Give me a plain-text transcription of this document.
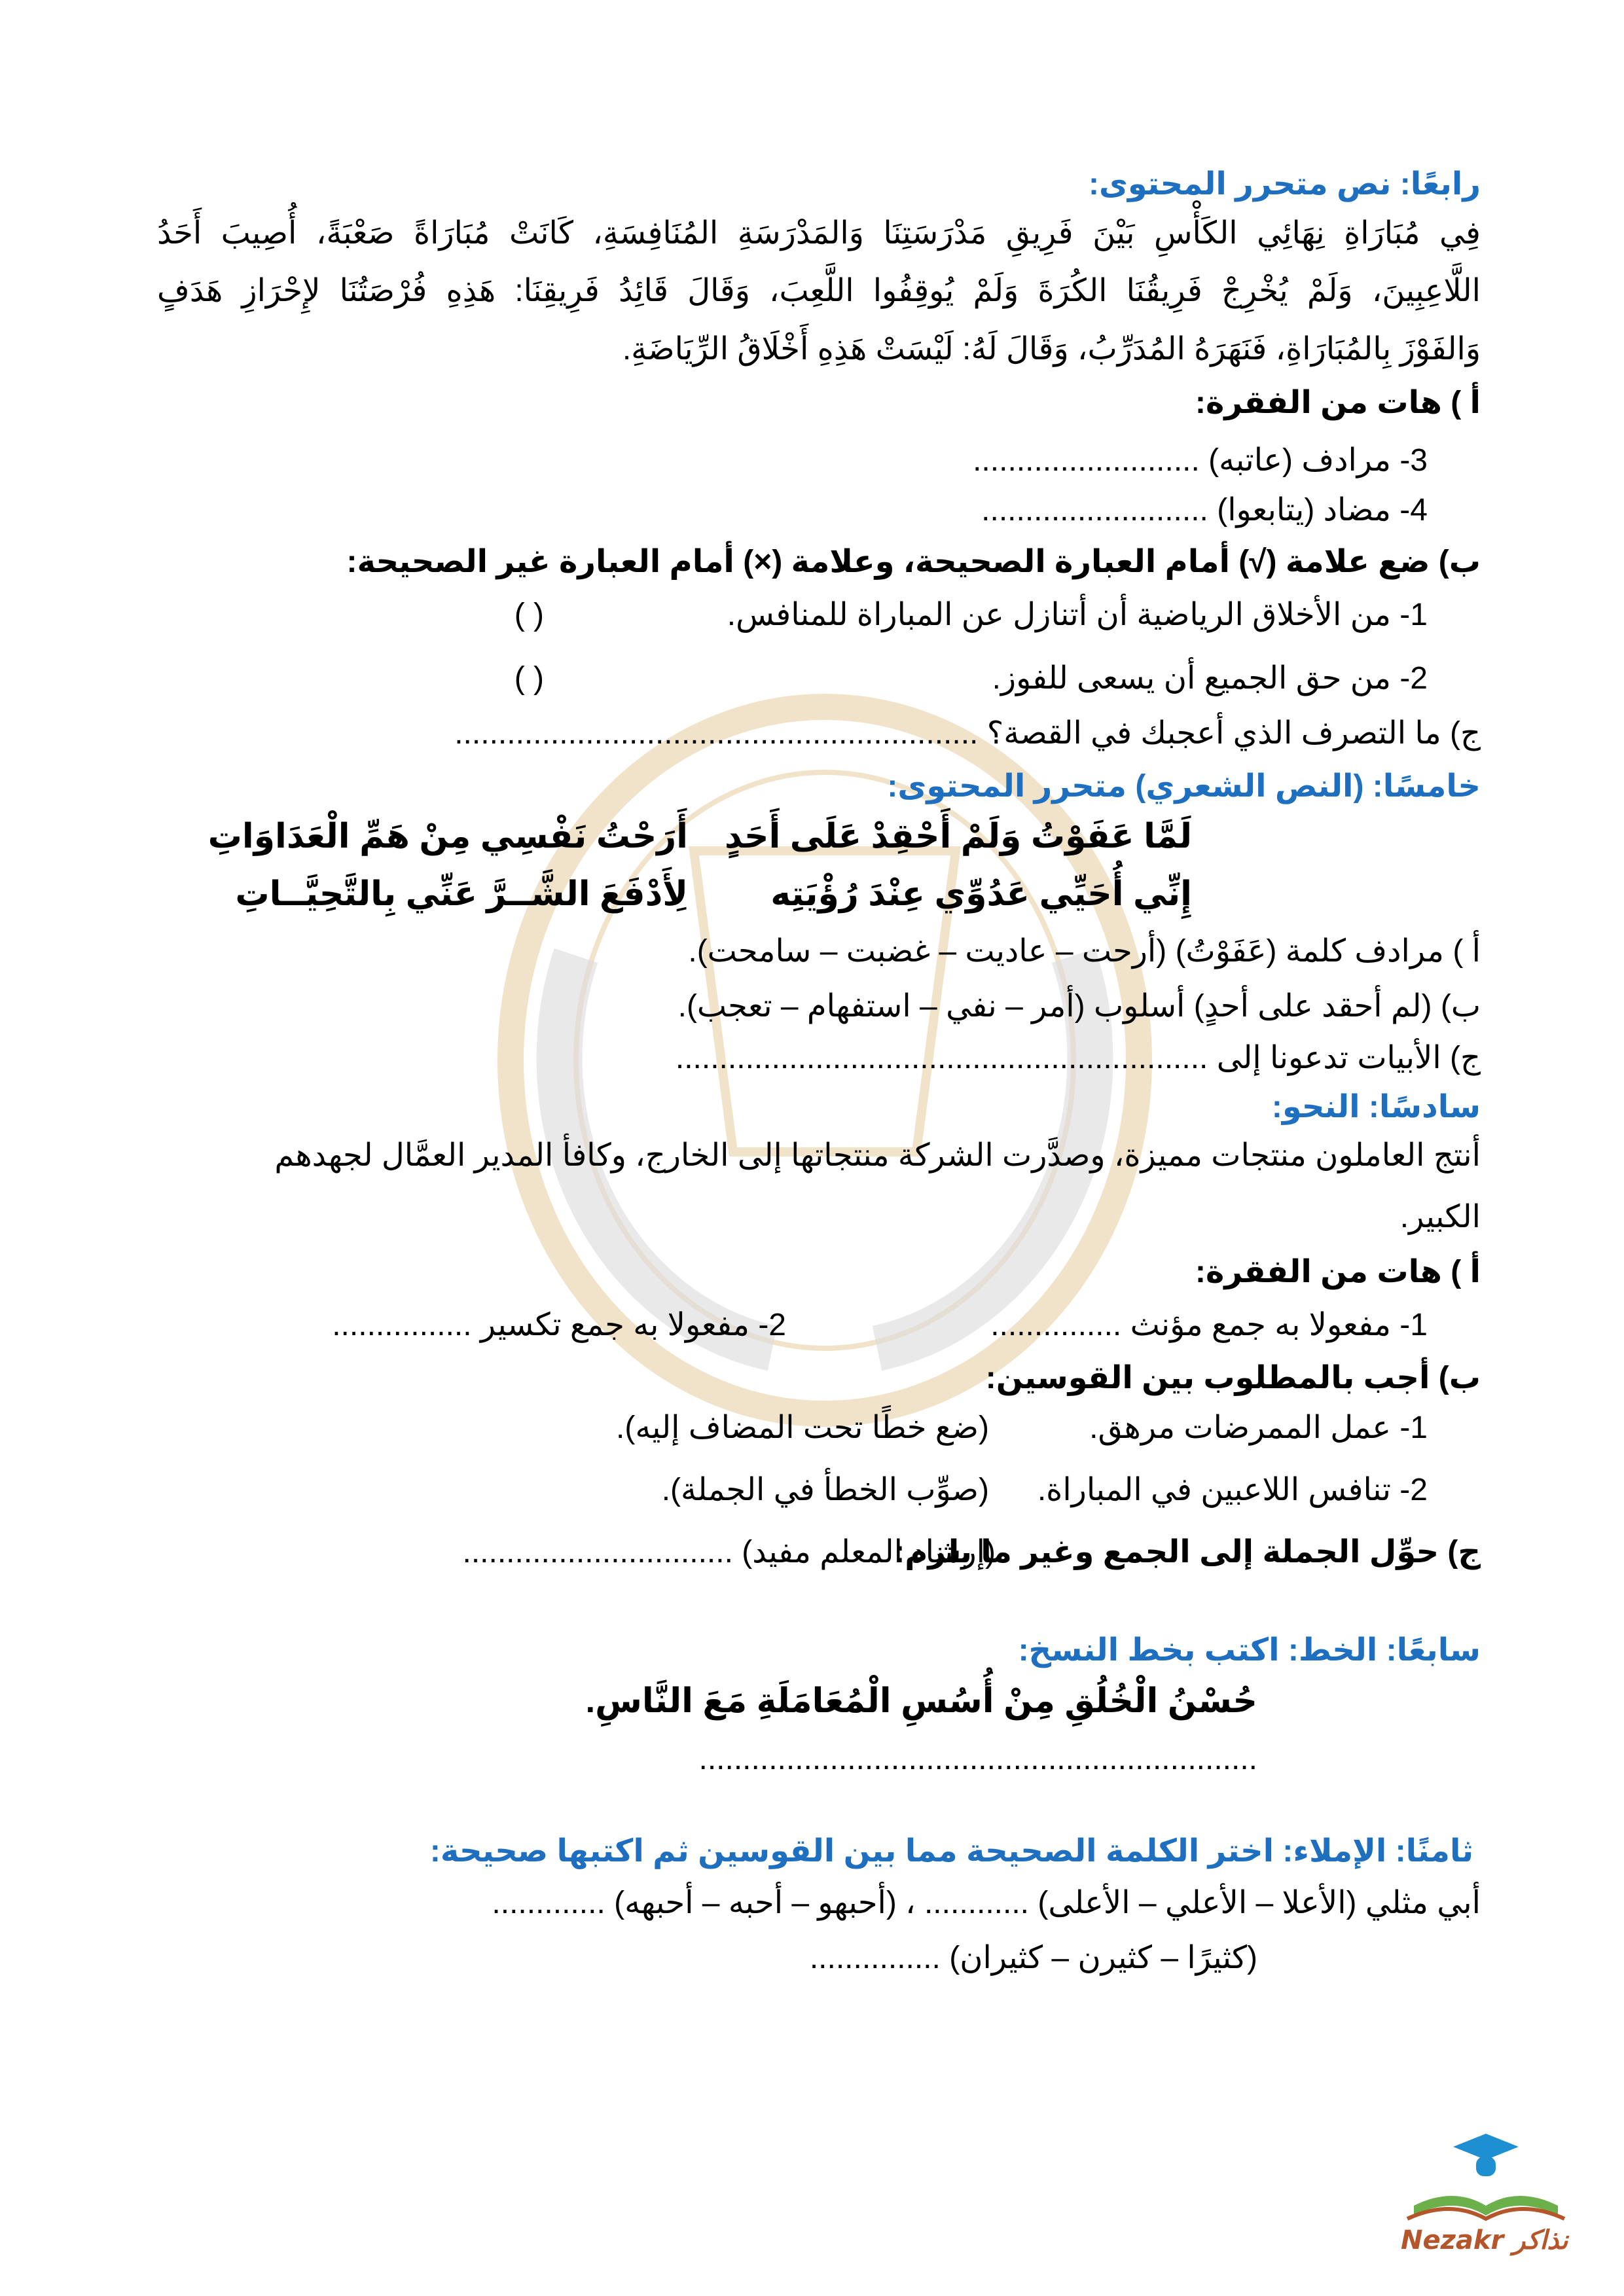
رابعًا: نص متحرر المحتوى:
فِي مُبَارَاةِ نِهَائِي الكَأْسِ بَيْنَ فَرِيقِ مَدْرَسَتِنَا وَالمَدْرَسَةِ المُنَافِسَةِ، كَانَتْ مُبَارَاةً صَعْبَةً، أُصِيبَ أَحَدُ
اللَّاعِبِينَ، وَلَمْ يُخْرِجْ فَرِيقُنَا الكُرَةَ وَلَمْ يُوقِفُوا اللَّعِبَ، وَقَالَ قَائِدُ فَرِيقِنَا: هَذِهِ فُرْصَتُنَا لإِحْرَازِ هَدَفٍ
وَالفَوْزَ بِالمُبَارَاةِ، فَنَهَرَهُ المُدَرِّبُ، وَقَالَ لَهُ: لَيْسَتْ هَذِهِ أَخْلَاقُ الرِّيَاضَةِ.
أ ) هات من الفقرة:
3- مرادف (عاتبه) ..........................
4- مضاد (يتابعوا) ..........................
ب) ضع علامة (√) أمام العبارة الصحيحة، وعلامة (×) أمام العبارة غير الصحيحة:
1- من الأخلاق الرياضية أن أتنازل عن المباراة للمنافس.
( )
2- من حق الجميع أن يسعى للفوز.
( )
ج) ما التصرف الذي أعجبك في القصة؟ ............................................................
خامسًا: (النص الشعري) متحرر المحتوى:
لَمَّا عَفَوْتُ وَلَمْ أَحْقِدْ عَلَى أَحَدٍ
أَرَحْتُ نَفْسِي مِنْ هَمِّ الْعَدَاوَاتِ
إِنِّي أُحَيِّي عَدُوِّي عِنْدَ رُؤْيَتِه
لِأَدْفَعَ الشَّــرَّ عَنِّي بِالتَّحِيَّــاتِ
أ ) مرادف كلمة (عَفَوْتُ) (أرحت – عاديت – غضبت – سامحت).
ب) (لم أحقد على أحدٍ) أسلوب (أمر – نفي – استفهام – تعجب).
ج) الأبيات تدعونا إلى .............................................................
سادسًا: النحو:
أنتج العاملون منتجات مميزة، وصدَّرت الشركة منتجاتها إلى الخارج، وكافأ المدير العمَّال لجهدهم
الكبير.
أ ) هات من الفقرة:
1- مفعولا به جمع مؤنث ...............
2- مفعولا به جمع تكسير ................
ب) أجب بالمطلوب بين القوسين:
1- عمل الممرضات مرهق.
(ضع خطًا تحت المضاف إليه).
2- تنافس اللاعبين في المباراة.
(صوِّب الخطأ في الجملة).
ج) حوِّل الجملة إلى الجمع وغير ما يلزم:
(إرشاد المعلم مفيد) ...............................
سابعًا: الخط: اكتب بخط النسخ:
حُسْنُ الْخُلُقِ مِنْ أُسُسِ الْمُعَامَلَةِ مَعَ النَّاسِ.
................................................................
ثامنًا: الإملاء: اختر الكلمة الصحيحة مما بين القوسين ثم اكتبها صحيحة:
أبي مثلي (الأعلا – الأعلي – الأعلى) ............ ، (أحبهو – أحبه – أحبهه) .............
(كثيرًا – كثيرن – كثيران) ...............
Nezakr نذاكر
